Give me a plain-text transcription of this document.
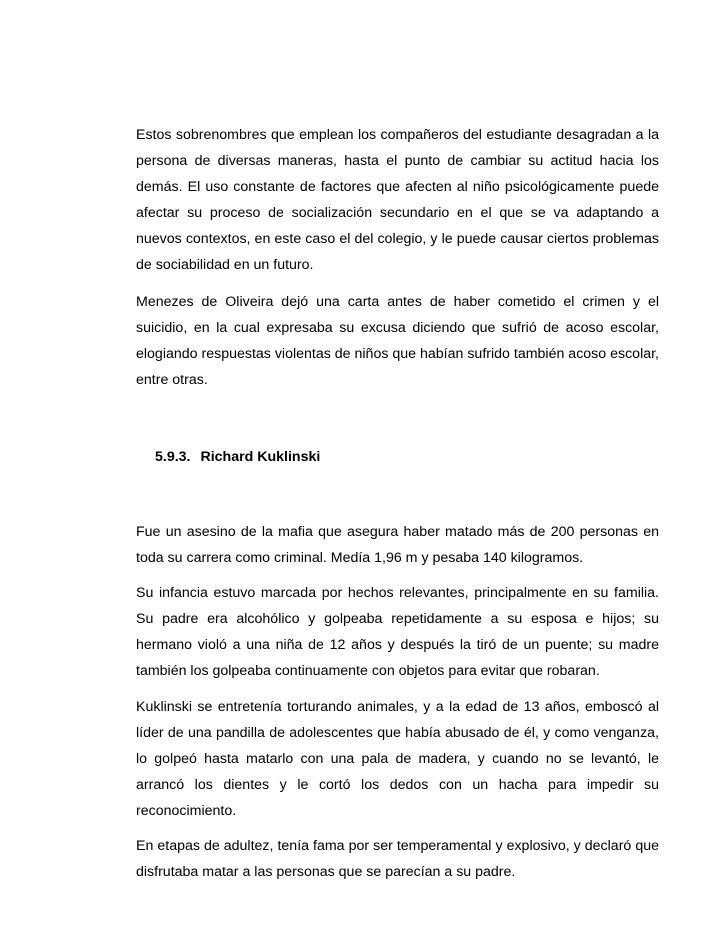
Estos sobrenombres que emplean los compañeros del estudiante desagradan a la persona de diversas maneras, hasta el punto de cambiar su actitud hacia los demás. El uso constante de factores que afecten al niño psicológicamente puede afectar su proceso de socialización secundario en el que se va adaptando a nuevos contextos, en este caso el del colegio, y le puede causar ciertos problemas de sociabilidad en un futuro.

Menezes de Oliveira dejó una carta antes de haber cometido el crimen y el suicidio, en la cual expresaba su excusa diciendo que sufrió de acoso escolar, elogiando respuestas violentas de niños que habían sufrido también acoso escolar, entre otras.

5.9.3. Richard Kuklinski

Fue un asesino de la mafia que asegura haber matado más de 200 personas en toda su carrera como criminal. Medía 1,96 m y pesaba 140 kilogramos.

Su infancia estuvo marcada por hechos relevantes, principalmente en su familia. Su padre era alcohólico y golpeaba repetidamente a su esposa e hijos; su hermano violó a una niña de 12 años y después la tiró de un puente; su madre también los golpeaba continuamente con objetos para evitar que robaran.

Kuklinski se entretenía torturando animales, y a la edad de 13 años, emboscó al líder de una pandilla de adolescentes que había abusado de él, y como venganza, lo golpeó hasta matarlo con una pala de madera, y cuando no se levantó, le arrancó los dientes y le cortó los dedos con un hacha para impedir su reconocimiento.

En etapas de adultez, tenía fama por ser temperamental y explosivo, y declaró que disfrutaba matar a las personas que se parecían a su padre.
